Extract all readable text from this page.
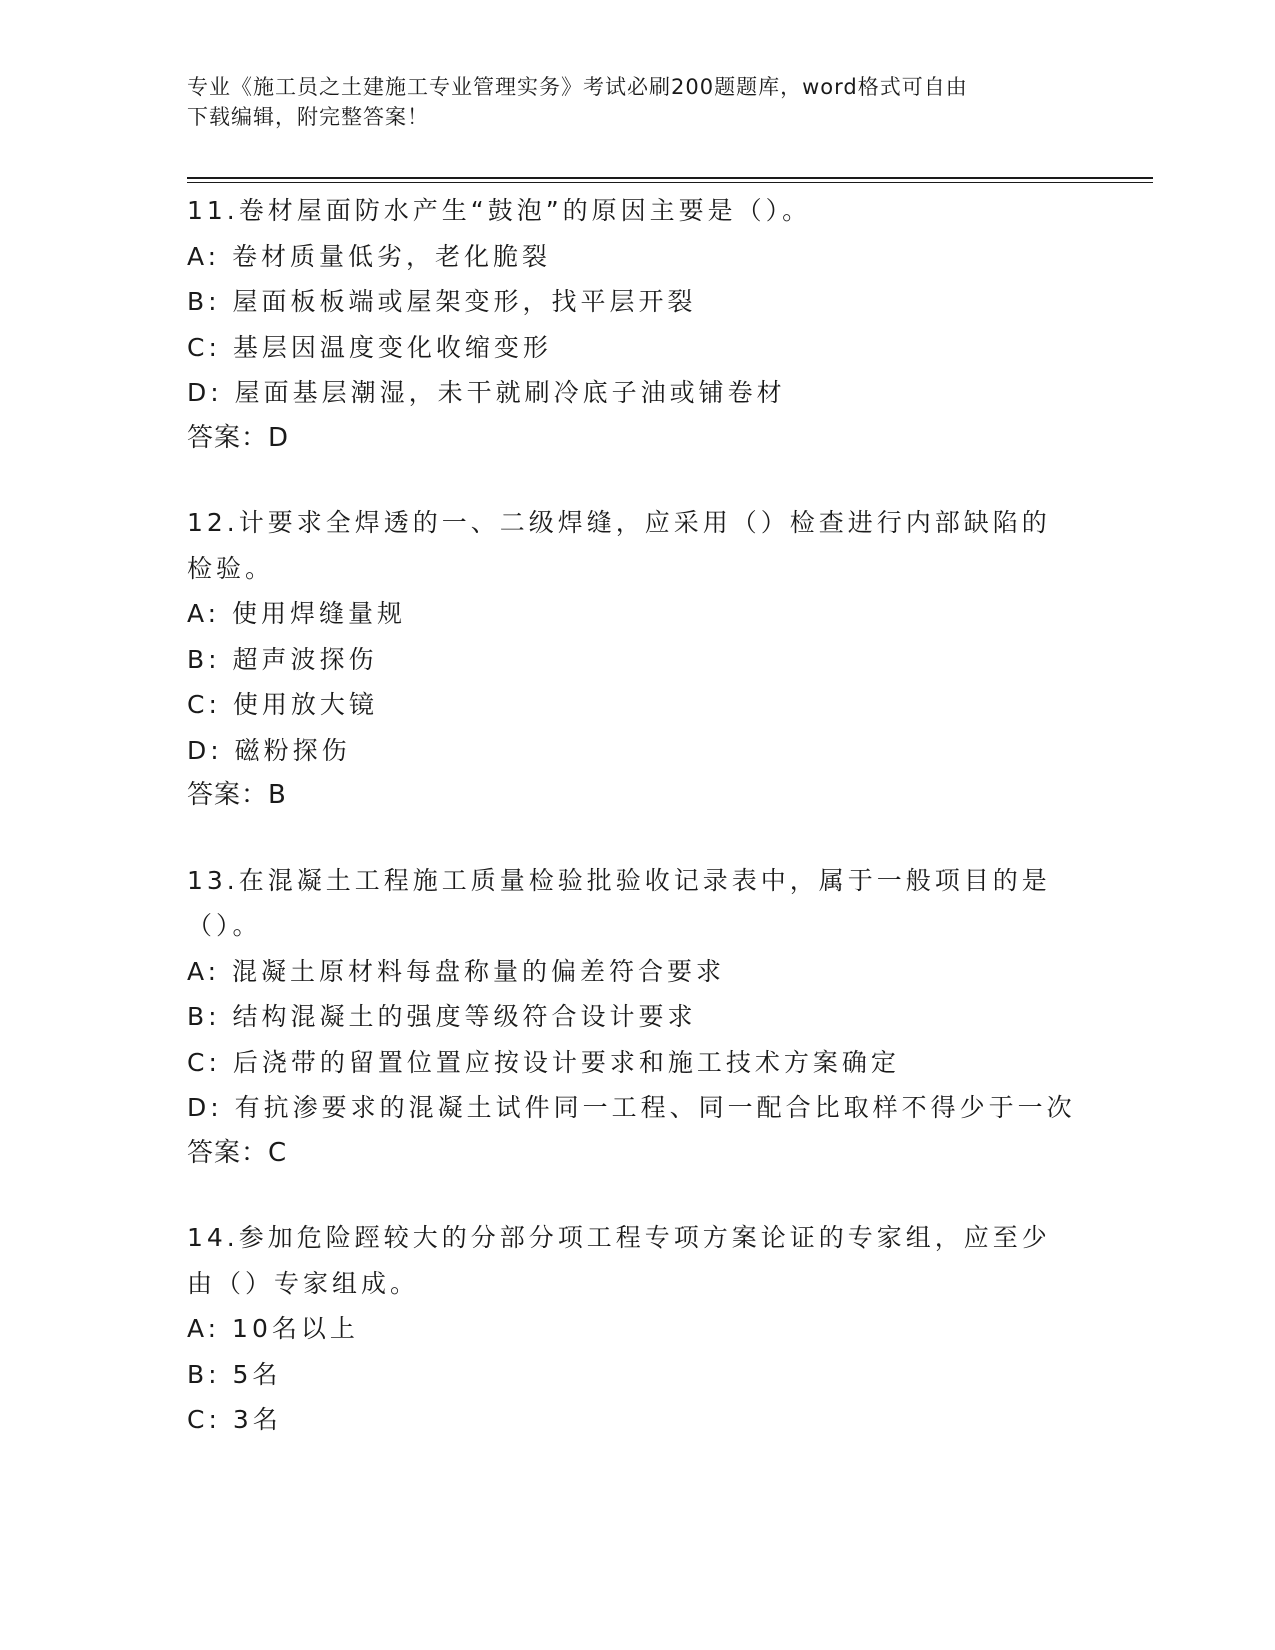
专业《施工员之土建施工专业管理实务》考试必刷200题题库，word格式可自由
下载编辑，附完整答案！
11.卷材屋面防水产生“鼓泡”的原因主要是（）。
A: 卷材质量低劣，老化脆裂
B: 屋面板板端或屋架变形，找平层开裂
C: 基层因温度变化收缩变形
D: 屋面基层潮湿，未干就刷冷底子油或铺卷材
答案：D
12.计要求全焊透的一、二级焊缝，应采用（）检查进行内部缺陷的检验。
A: 使用焊缝量规
B: 超声波探伤
C: 使用放大镜
D: 磁粉探伤
答案：B
13.在混凝土工程施工质量检验批验收记录表中，属于一般项目的是（）。
A: 混凝土原材料每盘称量的偏差符合要求
B: 结构混凝土的强度等级符合设计要求
C: 后浇带的留置位置应按设计要求和施工技术方案确定
D: 有抗渗要求的混凝土试件同一工程、同一配合比取样不得少于一次
答案：C
14.参加危险踁较大的分部分项工程专项方案论证的专家组，应至少由（）专家组成。
A: 10名以上
B: 5名
C: 3名
